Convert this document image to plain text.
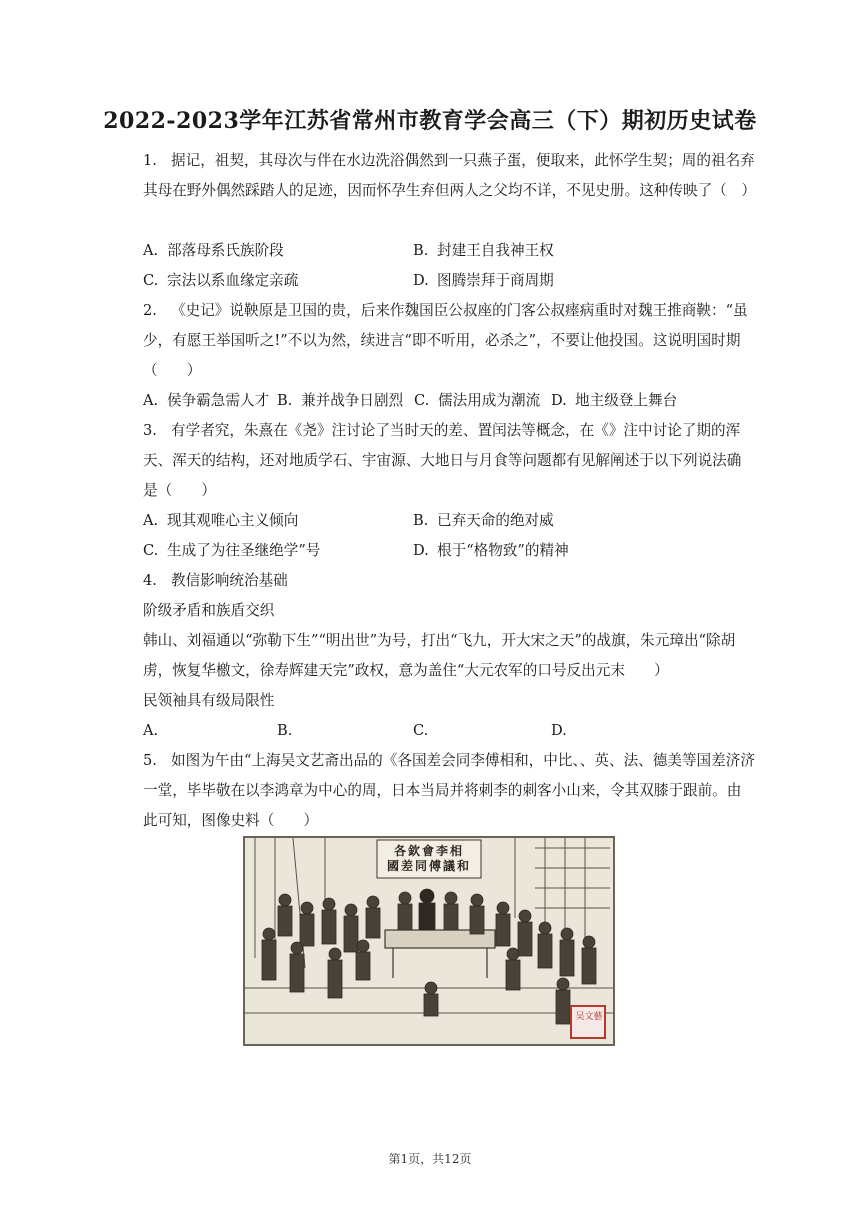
2022-2023学年江苏省常州市教育学会高三（下）期初历史试卷
1. 据记，祖契，其母次与伴在水边洗浴偶然到一只燕子蛋，便取来，此怀学生契；周的祖名弃其母在野外偶然踩踏人的足迹，因而怀孕生弃但两人之父均不详，不见史册。这种传映了（　）
A. 部落母系氏族阶段	B. 封建王自我神王权
C. 宗法以系血缘定亲疏	D. 图腾崇拜于商周期
2. 《史记》说鞅原是卫国的贵，后来作魏国臣公叔座的门客公叔瘗病重时对魏王推商鞅：“虽少，有愿王举国听之!”不以为然，续进言“即不听用，必杀之”，不要让他投国。这说明国时期（　　）
A. 侯争霸急需人才 B. 兼并战争日剧烈 C. 儒法用成为潮流 D. 地主级登上舞台
3. 有学者究，朱熹在《尧》注讨论了当时天的差、置闰法等概念，在《》注中讨论了期的浑天、浑天的结构，还对地质学石、宇宙源、大地日与月食等问题都有见解阐述于以下列说法确是（　　）
A. 现其观唯心主义倾向	B. 已弃天命的绝对威
C. 生成了为往圣继绝学”号	D. 根于“格物致”的精神
4. 教信影响统治基础
阶级矛盾和族盾交织
韩山、刘福通以“弥勒下生”“明出世”为号，打出“飞九，开大宋之天”的战旗，朱元璋出“除胡虏，恢复华檄文，徐寿辉建天完”政权，意为盖住“大元农军的口号反出元末　　）
民领袖具有级局限性
A.	B.	C.	D.
5. 如图为午由“上海吴文艺斋出品的《各国差会同李傅相和，中比、、英、法、德美等国差济济一堂，毕毕敬在以李鸿章为中心的周，日本当局并将刺李的刺客小山来，令其双膝于跟前。由此可知，图像史料（　　）
各欽會李相
國差同傅議和
吴文藝
第1页，共12页
